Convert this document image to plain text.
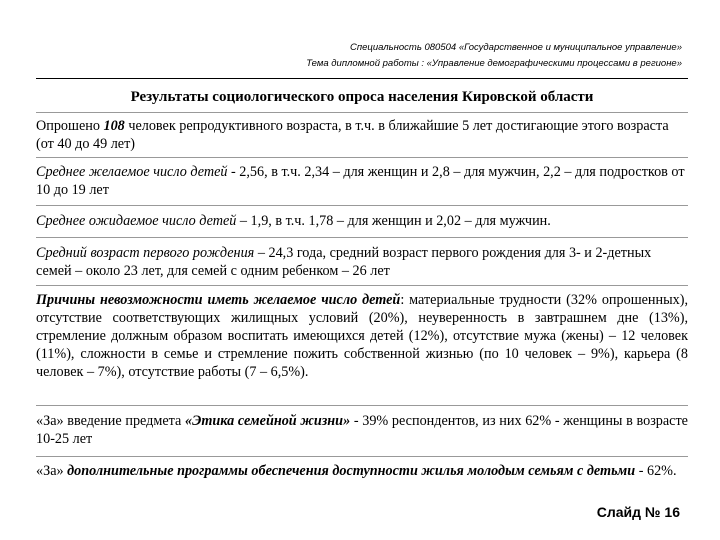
Специальность 080504 «Государственное и муниципальное управление»
Тема дипломной работы : «Управление демографическими процессами в регионе»
Результаты социологического опроса населения Кировской области
Опрошено 108 человек репродуктивного возраста, в т.ч. в ближайшие 5 лет достигающие этого возраста (от 40 до 49 лет)
Среднее желаемое число детей - 2,56, в т.ч. 2,34 – для женщин и 2,8 – для мужчин, 2,2 – для подростков от 10 до 19 лет
Среднее ожидаемое число детей – 1,9, в т.ч. 1,78 – для женщин и 2,02 – для мужчин.
Средний возраст первого рождения – 24,3 года, средний возраст первого рождения для 3- и 2-детных семей – около 23 лет, для семей с одним ребенком – 26 лет
Причины невозможности иметь желаемое число детей: материальные трудности (32% опрошенных), отсутствие соответствующих жилищных условий (20%), неуверенность в завтрашнем дне (13%), стремление должным образом воспитать имеющихся детей (12%), отсутствие мужа (жены) – 12 человек (11%), сложности в семье и стремление пожить собственной жизнью (по 10 человек – 9%), карьера (8 человек – 7%), отсутствие работы (7 – 6,5%).
«За» введение предмета «Этика семейной жизни» - 39% респондентов, из них 62% - женщины в возрасте 10-25 лет
«За» дополнительные программы обеспечения доступности жилья молодым семьям с детьми - 62%.
Слайд № 16
